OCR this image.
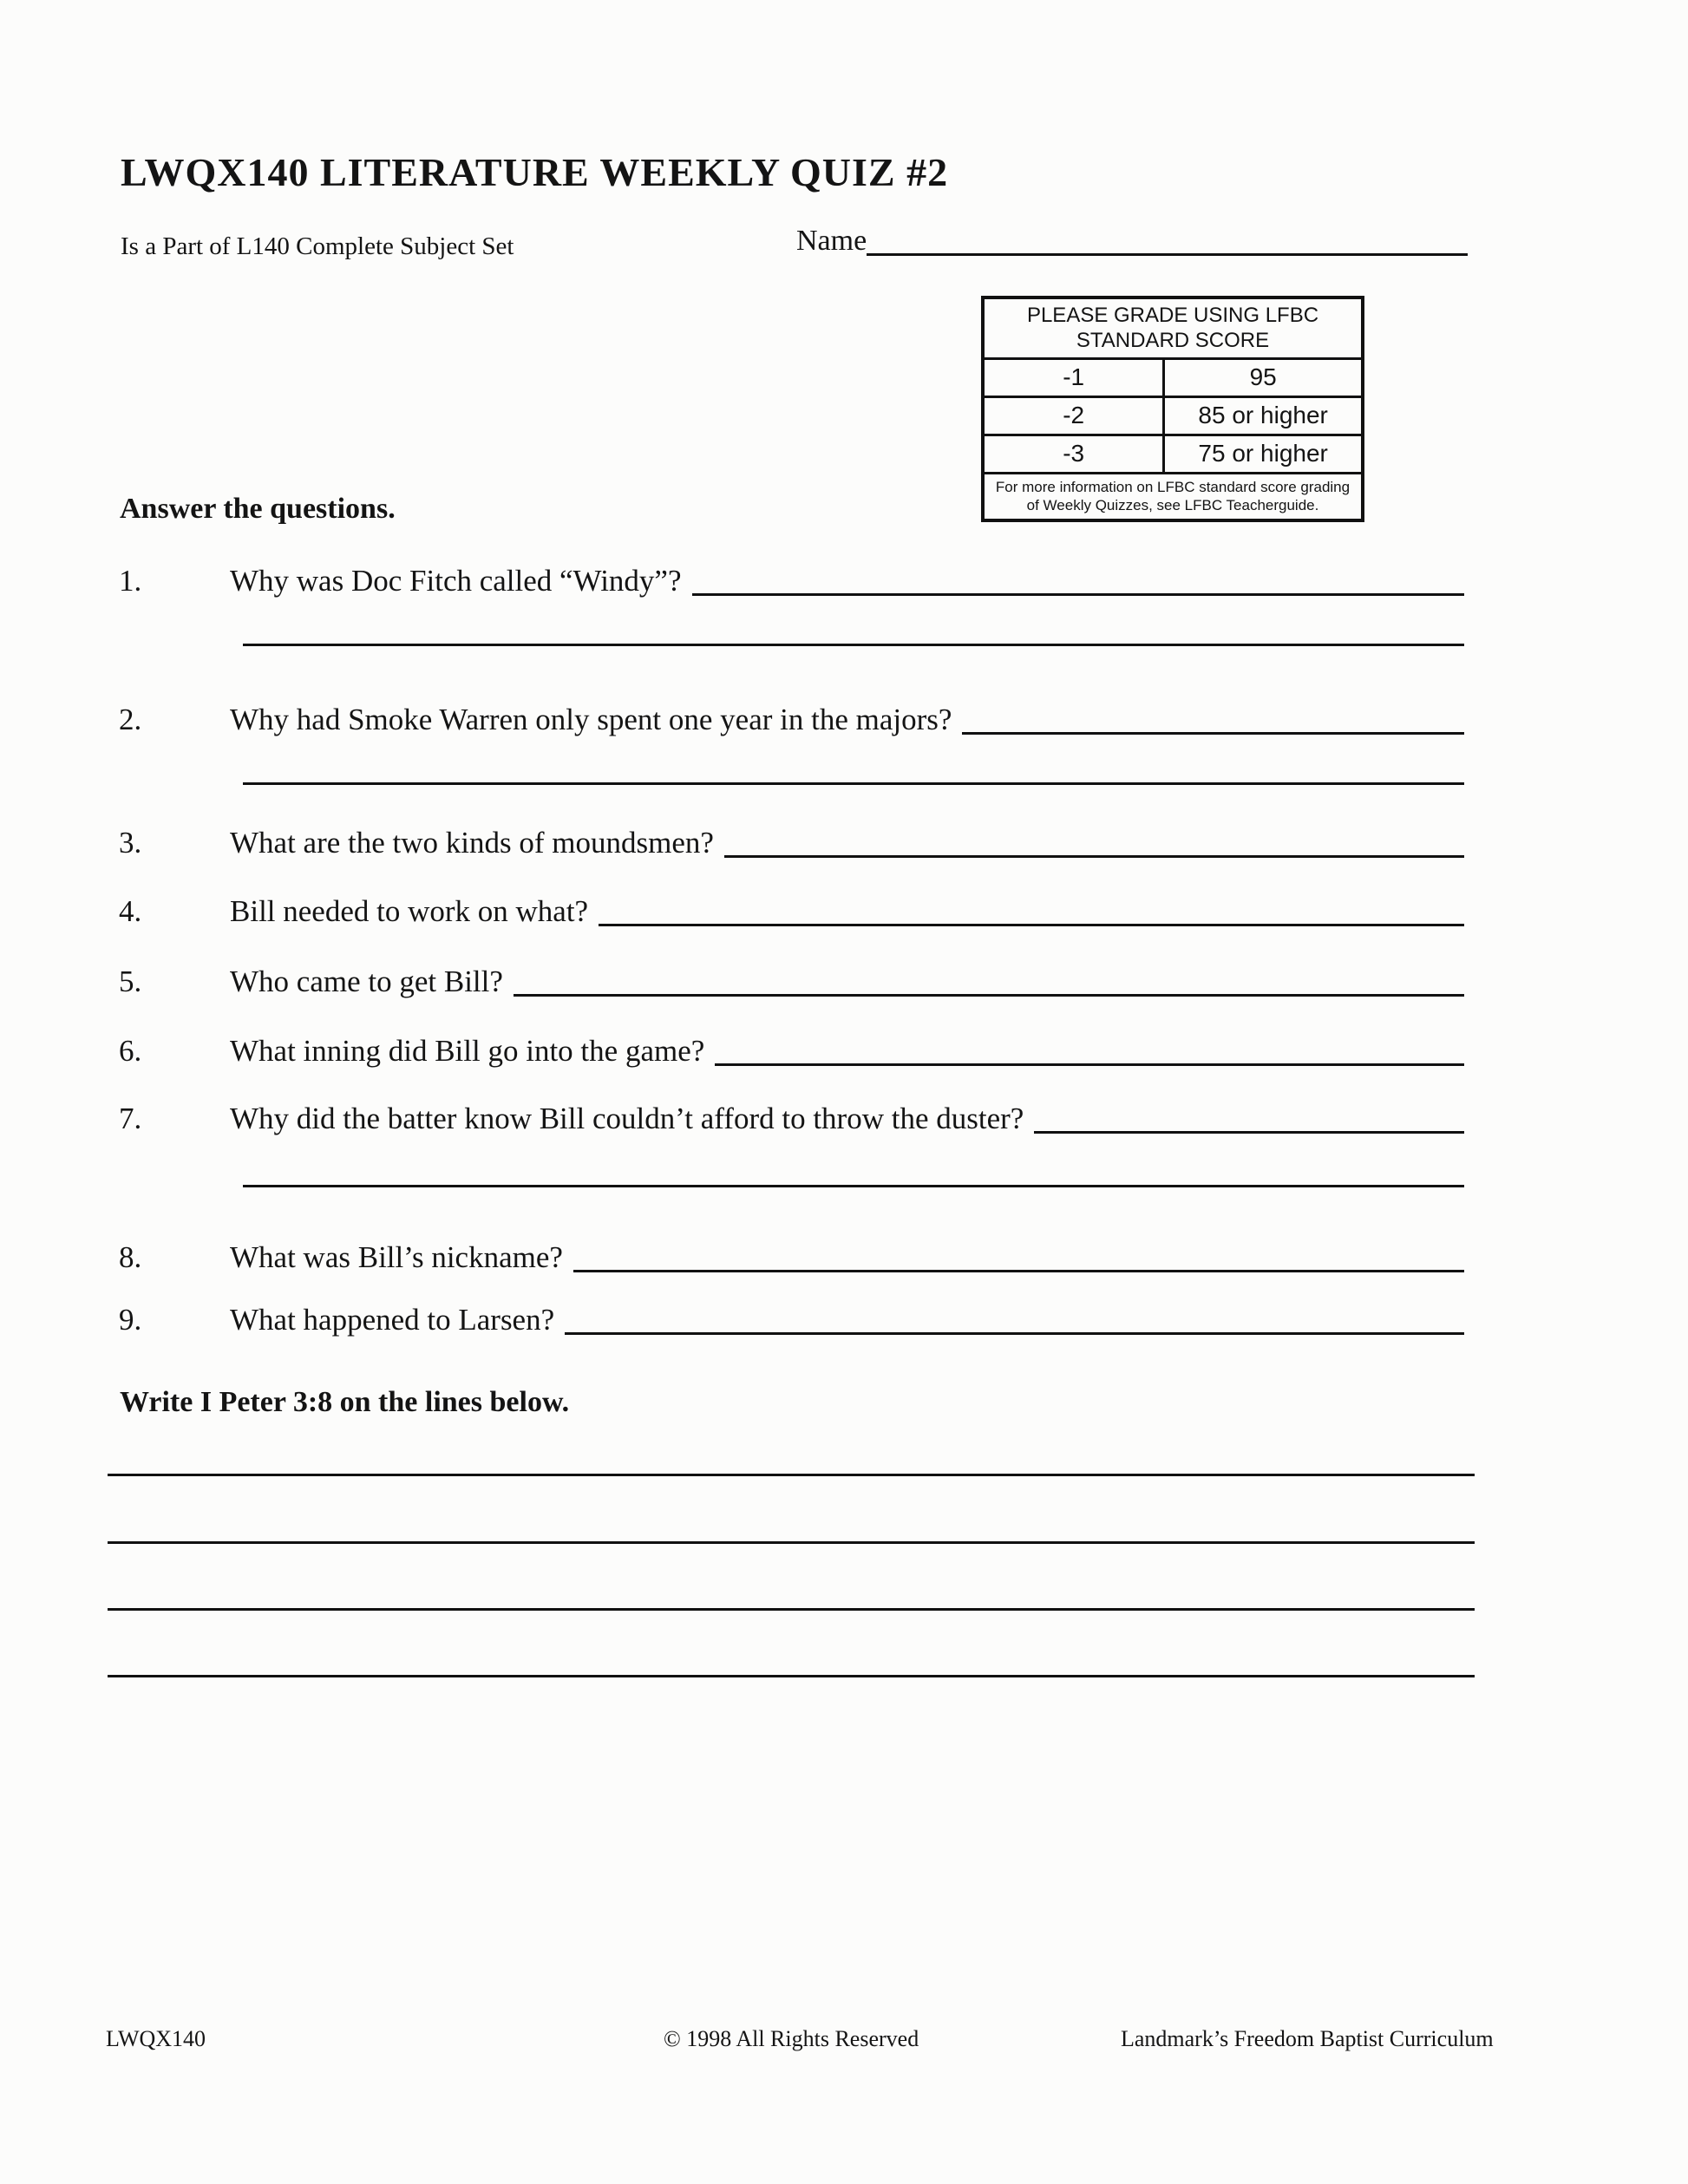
LWQX140 LITERATURE WEEKLY QUIZ #2
Is a Part of L140 Complete Subject Set	Name
PLEASE GRADE USING LFBC
STANDARD SCORE
-1	95
-2	85 or higher
-3	75 or higher
For more information on LFBC standard score grading
of Weekly Quizzes, see LFBC Teacherguide.
Answer the questions.
1.	Why was Doc Fitch called “Windy”?
2.	Why had Smoke Warren only spent one year in the majors?
3.	What are the two kinds of moundsmen?
4.	Bill needed to work on what?
5.	Who came to get Bill?
6.	What inning did Bill go into the game?
7.	Why did the batter know Bill couldn’t afford to throw the duster?
8.	What was Bill’s nickname?
9.	What happened to Larsen?
Write I Peter 3:8 on the lines below.
LWQX140	© 1998 All Rights Reserved	Landmark’s Freedom Baptist Curriculum
